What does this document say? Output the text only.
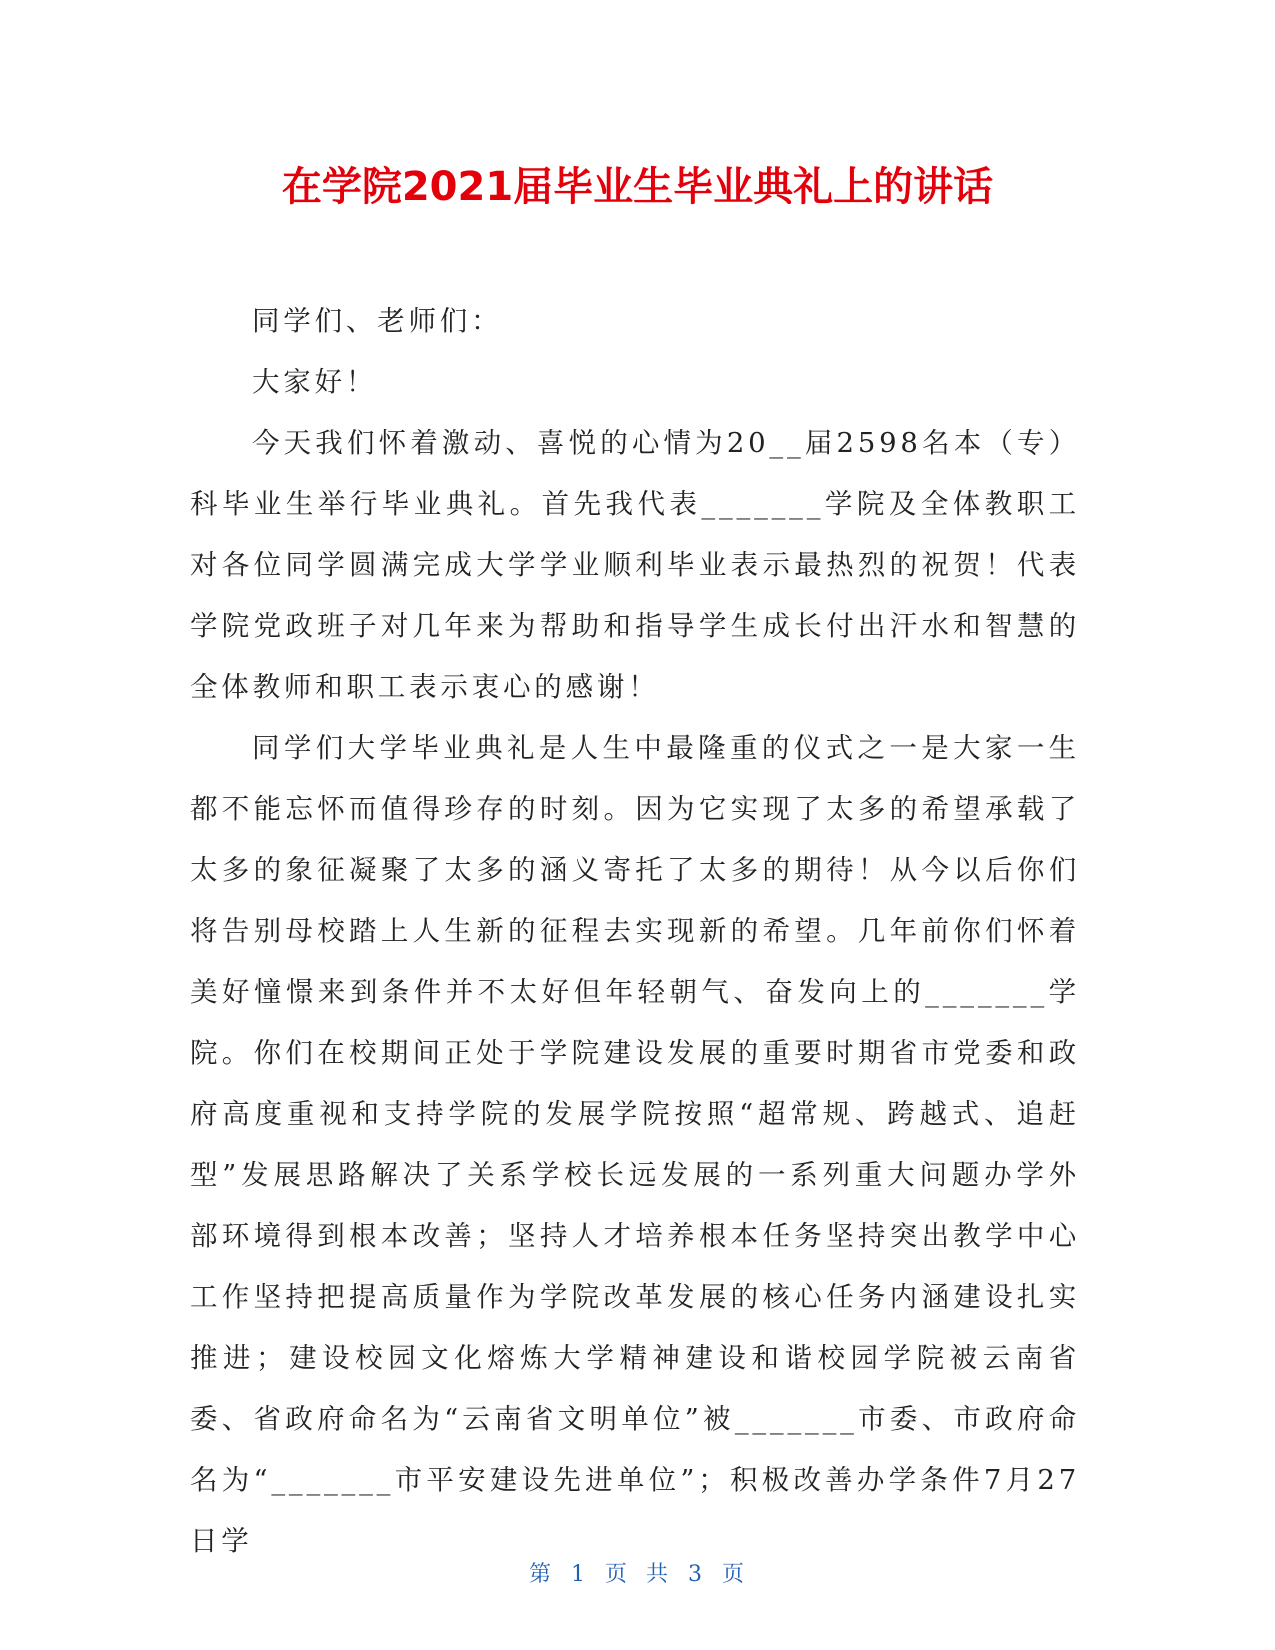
在学院2021届毕业生毕业典礼上的讲话

同学们、老师们：

大家好！

今天我们怀着激动、喜悦的心情为20__届2598名本（专）科毕业生举行毕业典礼。首先我代表_______学院及全体教职工对各位同学圆满完成大学学业顺利毕业表示最热烈的祝贺！代表学院党政班子对几年来为帮助和指导学生成长付出汗水和智慧的全体教师和职工表示衷心的感谢！

同学们大学毕业典礼是人生中最隆重的仪式之一是大家一生都不能忘怀而值得珍存的时刻。因为它实现了太多的希望承载了太多的象征凝聚了太多的涵义寄托了太多的期待！从今以后你们将告别母校踏上人生新的征程去实现新的希望。几年前你们怀着美好憧憬来到条件并不太好但年轻朝气、奋发向上的_______学院。你们在校期间正处于学院建设发展的重要时期省市党委和政府高度重视和支持学院的发展学院按照“超常规、跨越式、追赶型”发展思路解决了关系学校长远发展的一系列重大问题办学外部环境得到根本改善；坚持人才培养根本任务坚持突出教学中心工作坚持把提高质量作为学院改革发展的核心任务内涵建设扎实推进；建设校园文化熔炼大学精神建设和谐校园学院被云南省委、省政府命名为“云南省文明单位”被_______市委、市政府命名为“_______市平安建设先进单位”；积极改善办学条件7月27日学

第 1 页 共 3 页
